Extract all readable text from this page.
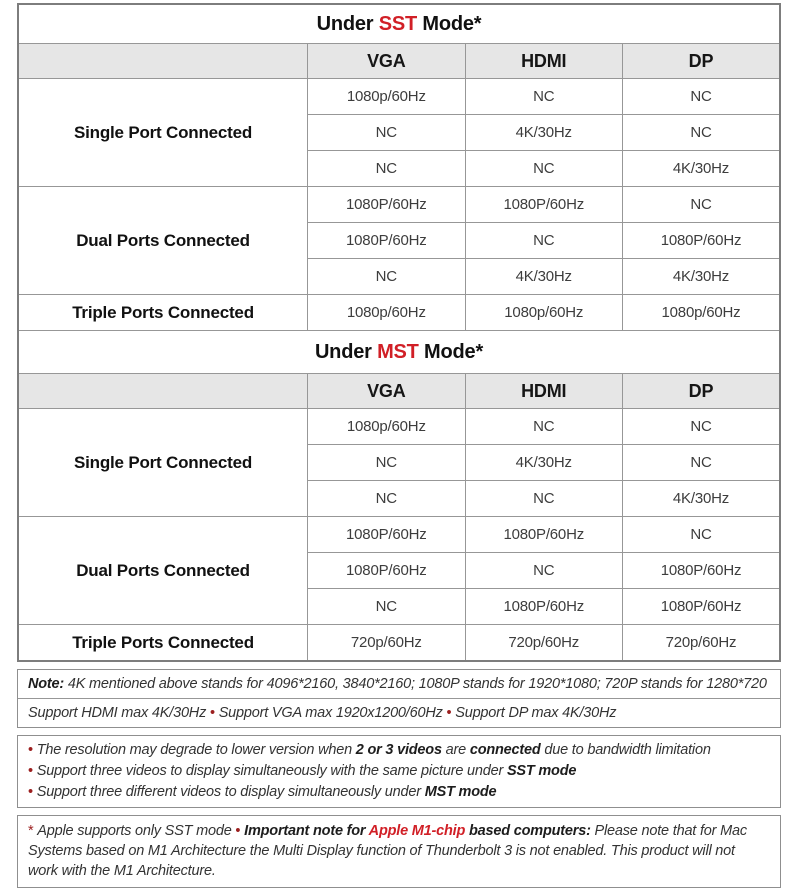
Under SST Mode*			
	VGA	HDMI	DP
Single Port Connected	1080p/60Hz	NC	NC
	NC	4K/30Hz	NC
	NC	NC	4K/30Hz
Dual Ports Connected	1080P/60Hz	1080P/60Hz	NC
	1080P/60Hz	NC	1080P/60Hz
	NC	4K/30Hz	4K/30Hz
Triple Ports Connected	1080p/60Hz	1080p/60Hz	1080p/60Hz
Under MST Mode*			
	VGA	HDMI	DP
Single Port Connected	1080p/60Hz	NC	NC
	NC	4K/30Hz	NC
	NC	NC	4K/30Hz
Dual Ports Connected	1080P/60Hz	1080P/60Hz	NC
	1080P/60Hz	NC	1080P/60Hz
	NC	1080P/60Hz	1080P/60Hz
Triple Ports Connected	720p/60Hz	720p/60Hz	720p/60Hz
Note: 4K mentioned above stands for 4096*2160, 3840*2160; 1080P stands for 1920*1080; 720P stands for 1280*720
Support HDMI max 4K/30Hz • Support VGA max 1920x1200/60Hz • Support DP max 4K/30Hz
• The resolution may degrade to lower version when 2 or 3 videos are connected due to bandwidth limitation
• Support three videos to display simultaneously with the same picture under SST mode
• Support three different videos to display simultaneously under MST mode
* Apple supports only SST mode • Important note for Apple M1-chip based computers: Please note that for Mac Systems based on M1 Architecture the Multi Display function of Thunderbolt 3 is not enabled. This product will not work with the M1 Architecture.
